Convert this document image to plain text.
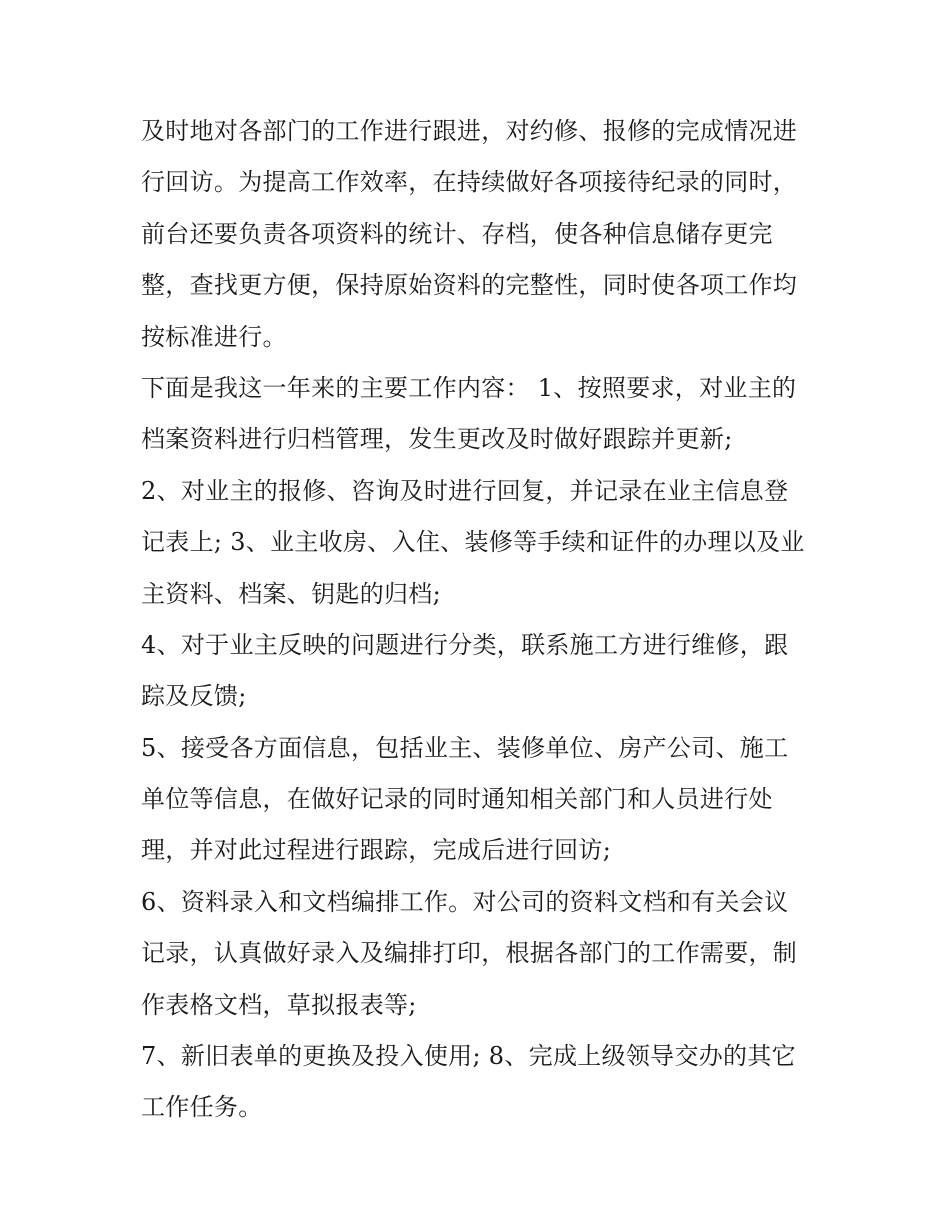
及时地对各部门的工作进行跟进，对约修、报修的完成情况进
行回访。为提高工作效率，在持续做好各项接待纪录的同时，
前台还要负责各项资料的统计、存档，使各种信息储存更完
整，查找更方便，保持原始资料的完整性，同时使各项工作均
按标准进行。
下面是我这一年来的主要工作内容： 1、按照要求，对业主的
档案资料进行归档管理，发生更改及时做好跟踪并更新;
2、对业主的报修、咨询及时进行回复，并记录在业主信息登
记表上; 3、业主收房、入住、装修等手续和证件的办理以及业
主资料、档案、钥匙的归档;
4、对于业主反映的问题进行分类，联系施工方进行维修，跟
踪及反馈;
5、接受各方面信息，包括业主、装修单位、房产公司、施工
单位等信息，在做好记录的同时通知相关部门和人员进行处
理，并对此过程进行跟踪，完成后进行回访;
6、资料录入和文档编排工作。对公司的资料文档和有关会议
记录，认真做好录入及编排打印，根据各部门的工作需要，制
作表格文档，草拟报表等;
7、新旧表单的更换及投入使用; 8、完成上级领导交办的其它
工作任务。
